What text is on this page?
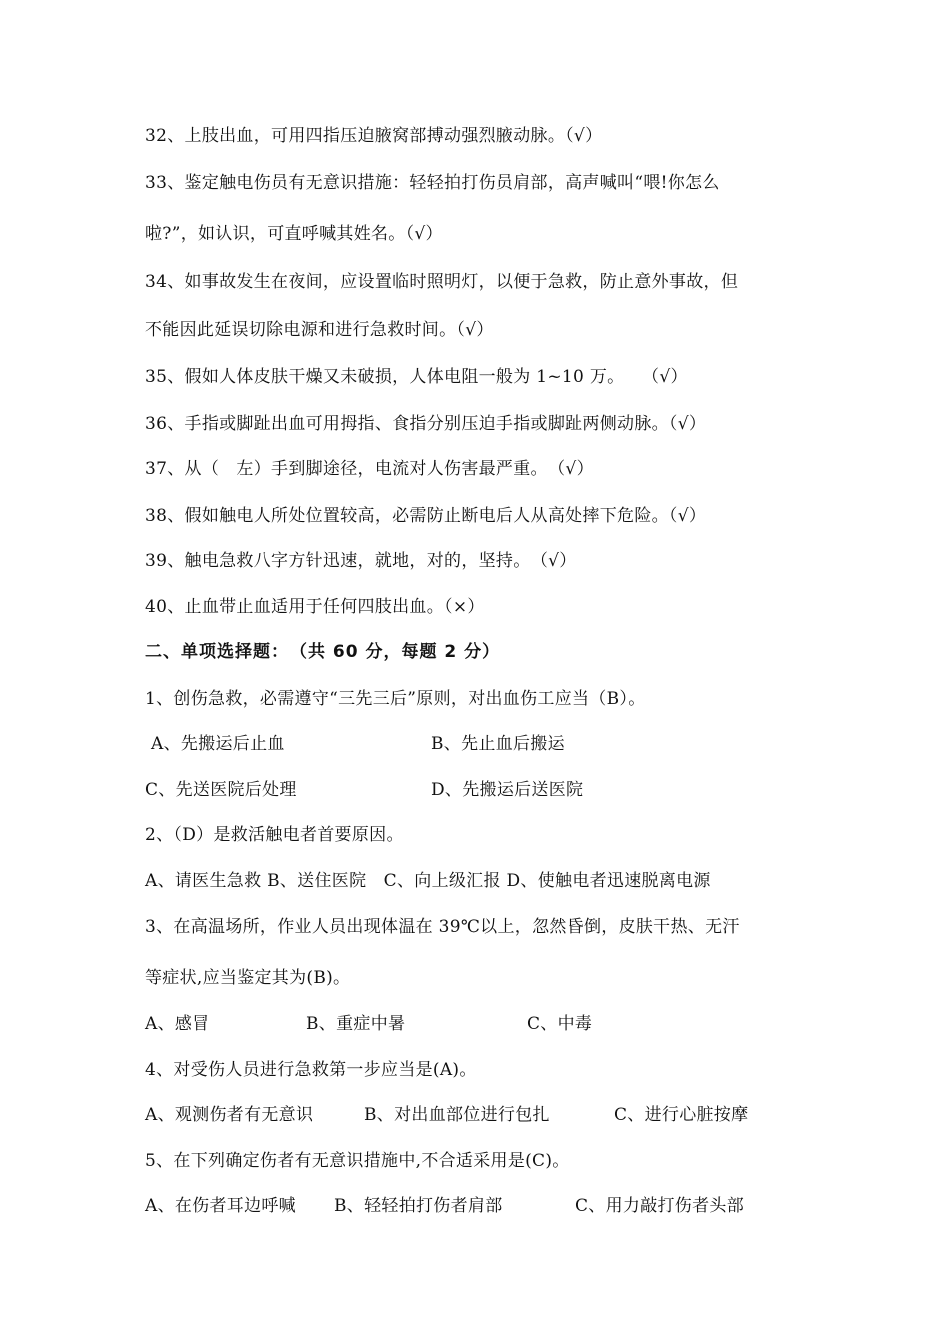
32、上肢出血，可用四指压迫腋窝部搏动强烈腋动脉。（√）
33、鉴定触电伤员有无意识措施：轻轻拍打伤员肩部，高声喊叫“喂!你怎么
啦?”，如认识，可直呼喊其姓名。（√）
34、如事故发生在夜间，应设置临时照明灯，以便于急救，防止意外事故，但
不能因此延误切除电源和进行急救时间。（√）
35、假如人体皮肤干燥又未破损，人体电阻一般为 1~10 万。　　（√）
36、手指或脚趾出血可用拇指、食指分别压迫手指或脚趾两侧动脉。（√）
37、从（　左）手到脚途径，电流对人伤害最严重。　（√）
38、假如触电人所处位置较高，必需防止断电后人从高处摔下危险。（√）
39、触电急救八字方针迅速，就地，对的，坚持。　（√）
40、止血带止血适用于任何四肢出血。（×）
二、单项选择题：　（共 60 分，每题 2 分）
1、创伤急救，必需遵守“三先三后”原则，对出血伤工应当（B）。
A、先搬运后止血	B、先止血后搬运
C、先送医院后处理	D、先搬运后送医院
2、（D）是救活触电者首要原因。
A、请医生急救 B、送住医院　C、向上级汇报 D、使触电者迅速脱离电源
3、在高温场所，作业人员出现体温在 39℃以上，忽然昏倒，皮肤干热、无汗
等症状,应当鉴定其为(B)。
A、感冒	B、重症中暑	C、中毒
4、对受伤人员进行急救第一步应当是(A)。
A、观测伤者有无意识	B、对出血部位进行包扎	C、进行心脏按摩
5、在下列确定伤者有无意识措施中,不合适采用是(C)。
A、在伤者耳边呼喊 B、轻轻拍打伤者肩部	C、用力敲打伤者头部
